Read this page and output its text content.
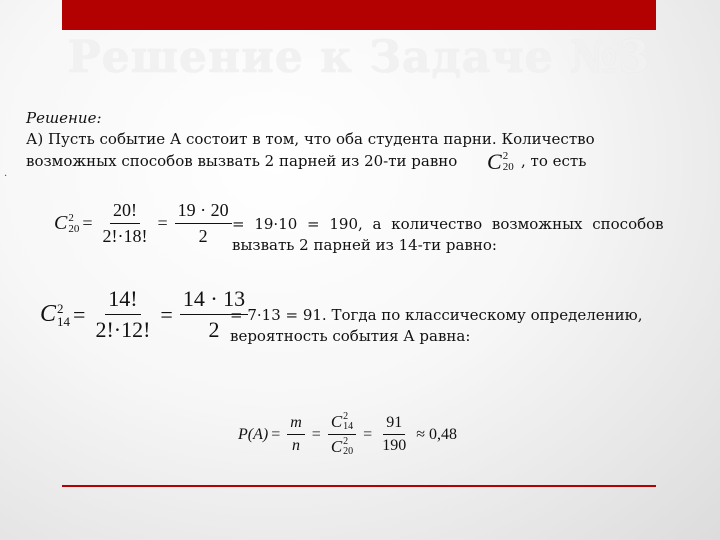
Решение к Задаче №3
Решение:
А) Пусть событие А состоит в том, что оба студента парни. Количество
возможных способов вызвать 2 парней из 20-ти равно	, то есть
.	C 2
20
C 2
$20 = \frac{20!}{2!\cdot 18!} = \frac{19 \cdot 20}{2} = 19\cdot 10 = 190$, а количество возможных способов
вызвать 2 парней из 14-ти равно:
C 2
$14 = \frac{14!}{2!\cdot 12!} = \frac{14 \cdot 13}{2}$
= 7·13 = 91. Тогда по классическому определению,
вероятность события А равна:
$P(A) = \frac{m}{n} = C$ 2
14
C 2
$20 = \frac{91}{190} \approx 0,48$
